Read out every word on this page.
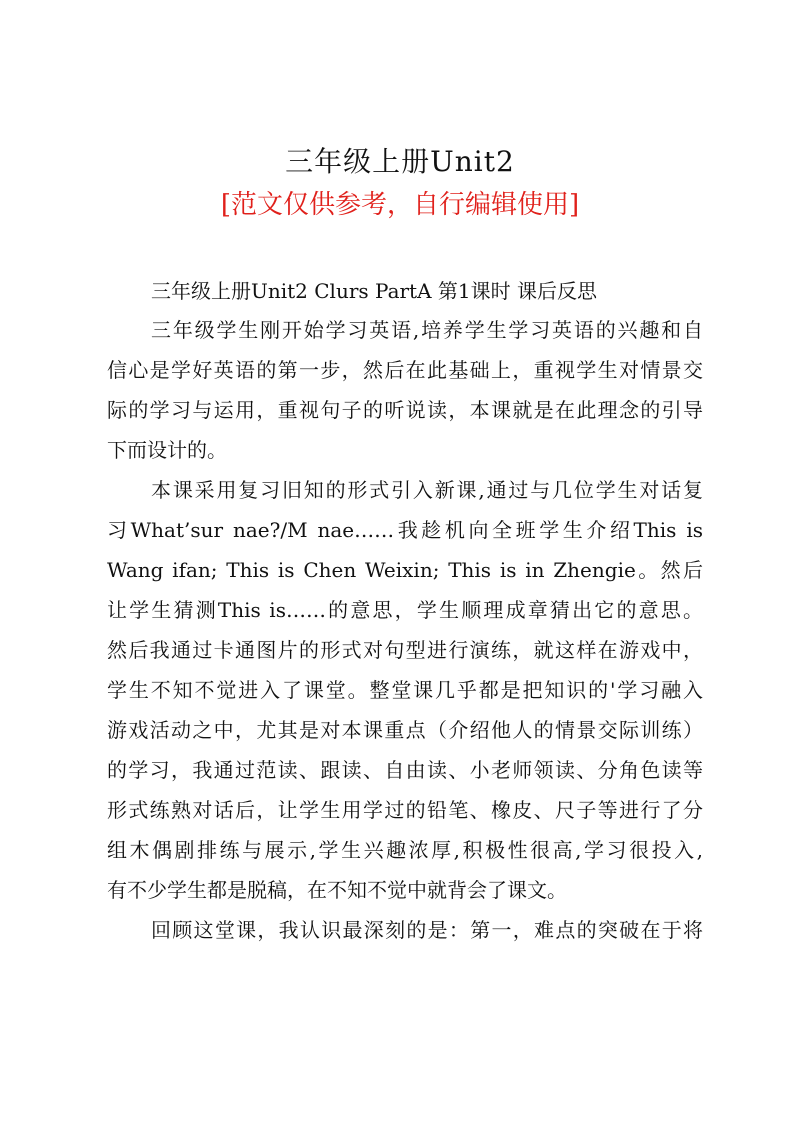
三年级上册Unit2
[范文仅供参考，自行编辑使用]

三年级上册Unit2 Clurs PartA 第1课时 课后反思

三年级学生刚开始学习英语,培养学生学习英语的兴趣和自
信心是学好英语的第一步，然后在此基础上，重视学生对情景交
际的学习与运用，重视句子的听说读，本课就是在此理念的引导
下而设计的。

本课采用复习旧知的形式引入新课,通过与几位学生对话复
习What’sur nae?/M nae……我趁机向全班学生介绍This is
Wang ifan; This is Chen Weixin; This is in Zhengie。然后
让学生猜测This is……的意思，学生顺理成章猜出它的意思。
然后我通过卡通图片的形式对句型进行演练，就这样在游戏中，
学生不知不觉进入了课堂。整堂课几乎都是把知识的'学习融入
游戏活动之中，尤其是对本课重点（介绍他人的情景交际训练）
的学习，我通过范读、跟读、自由读、小老师领读、分角色读等
形式练熟对话后，让学生用学过的铅笔、橡皮、尺子等进行了分
组木偶剧排练与展示,学生兴趣浓厚,积极性很高,学习很投入,
有不少学生都是脱稿，在不知不觉中就背会了课文。

回顾这堂课，我认识最深刻的是：第一，难点的突破在于将
